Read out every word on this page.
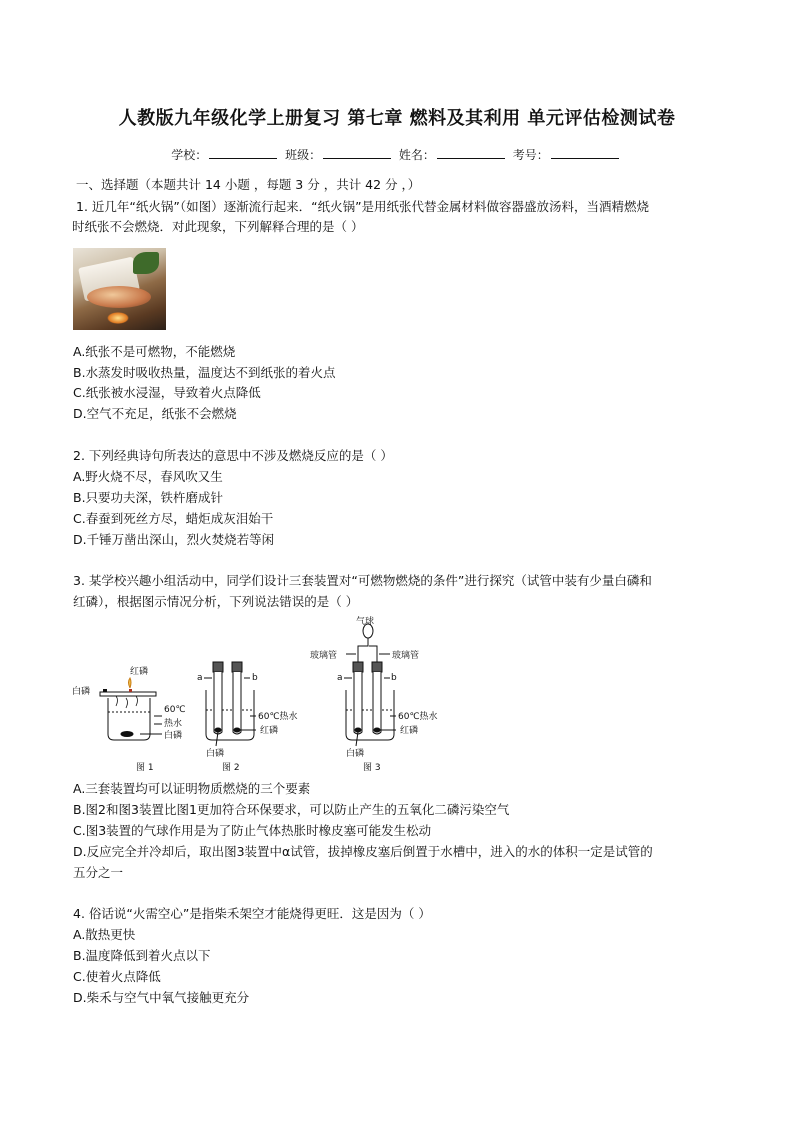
人教版九年级化学上册复习 第七章 燃料及其利用 单元评估检测试卷
学校：	班级：	姓名：	考号：
一、选择题（本题共计 14 小题 ，每题 3 分 ，共计 42 分 ，）
1. 近几年“纸火锅”（如图）逐渐流行起来．“纸火锅”是用纸张代替金属材料做容器盛放汤料，当酒精燃烧
时纸张不会燃烧．对此现象，下列解释合理的是（ ）
A.纸张不是可燃物，不能燃烧
B.水蒸发时吸收热量，温度达不到纸张的着火点
C.纸张被水浸湿，导致着火点降低
D.空气不充足，纸张不会燃烧
2. 下列经典诗句所表达的意思中不涉及燃烧反应的是（ ）
A.野火烧不尽，春风吹又生
B.只要功夫深，铁杵磨成针
C.春蚕到死丝方尽，蜡炬成灰泪始干
D.千锤万凿出深山，烈火焚烧若等闲
3. 某学校兴趣小组活动中，同学们设计三套装置对“可燃物燃烧的条件”进行探究（试管中装有少量白磷和
红磷），根据图示情况分析，下列说法错误的是（ ）
红磷
白磷
60℃
热水
白磷
图 1
a	b
60℃热水
红磷
白磷
图 2
气球
玻璃管	玻璃管
a	b
60℃热水
红磷
白磷
图 3
A.三套装置均可以证明物质燃烧的三个要素
B.图2和图3装置比图1更加符合环保要求，可以防止产生的五氧化二磷污染空气
C.图3装置的气球作用是为了防止气体热胀时橡皮塞可能发生松动
D.反应完全并冷却后，取出图3装置中α试管，拔掉橡皮塞后倒置于水槽中，进入的水的体积一定是试管的
五分之一
4. 俗话说“火需空心”是指柴禾架空才能烧得更旺．这是因为（ ）
A.散热更快
B.温度降低到着火点以下
C.使着火点降低
D.柴禾与空气中氧气接触更充分
